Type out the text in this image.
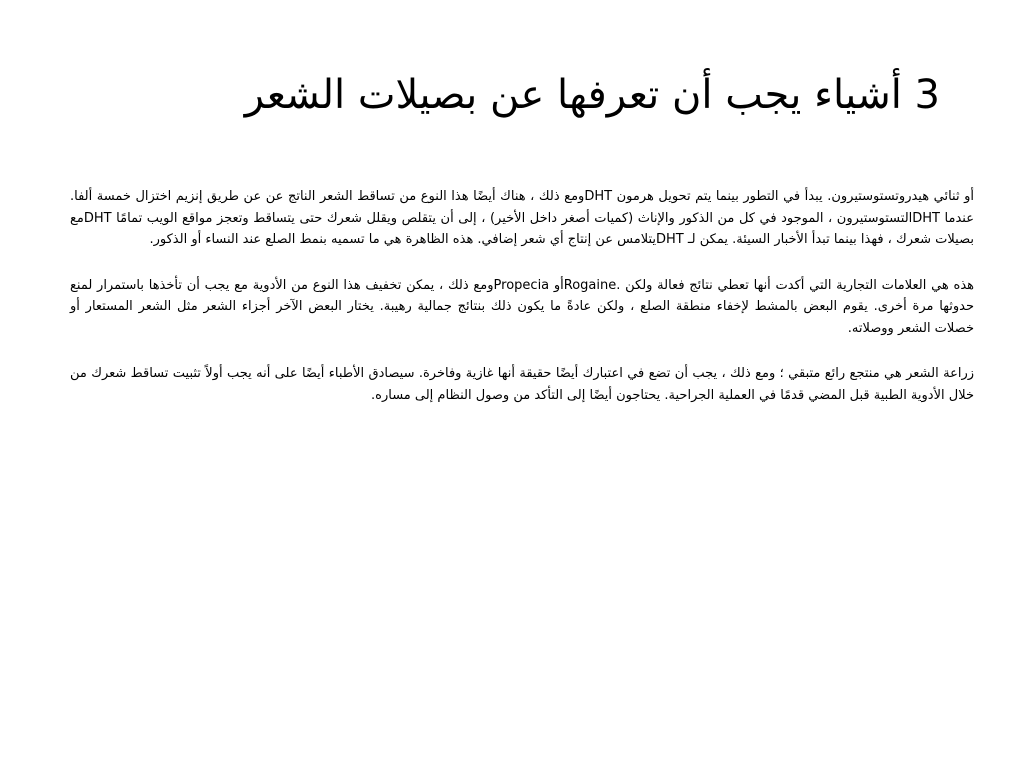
3 أشياء يجب أن تعرفها عن بصيلات الشعر

أو ثنائي هيدروتستوستيرون. يبدأ في التطور بينما يتم تحويل هرمون DHTومع ذلك ، هناك أيضًا هذا النوع من تساقط الشعر الناتج عن عن طريق إنزيم اختزال خمسة ألفا. عندما DHTالتستوستيرون ، الموجود في كل من الذكور والإناث (كميات أصغر داخل الأخير) ، إلى أن يتقلص ويقلل شعرك حتى يتساقط وتعجز مواقع الويب تمامًا DHTمع بصيلات شعرك ، فهذا بينما تبدأ الأخبار السيئة. يمكن لـ DHTيتلامس عن إنتاج أي شعر إضافي. هذه الظاهرة هي ما تسميه بنمط الصلع عند النساء أو الذكور.

هذه هي العلامات التجارية التي أكدت أنها تعطي نتائج فعالة ولكن .Rogaineأو Propeciaومع ذلك ، يمكن تخفيف هذا النوع من الأدوية مع يجب أن تأخذها باستمرار لمنع حدوثها مرة أخرى. يقوم البعض بالمشط لإخفاء منطقة الصلع ، ولكن عادةً ما يكون ذلك بنتائج جمالية رهيبة. يختار البعض الآخر أجزاء الشعر مثل الشعر المستعار أو خصلات الشعر ووصلاته.

زراعة الشعر هي منتجع رائع متبقي ؛ ومع ذلك ، يجب أن تضع في اعتبارك أيضًا حقيقة أنها غازية وفاخرة. سيصادق الأطباء أيضًا على أنه يجب أولاً تثبيت تساقط شعرك من خلال الأدوية الطبية قبل المضي قدمًا في العملية الجراحية. يحتاجون أيضًا إلى التأكد من وصول النظام إلى مساره.
